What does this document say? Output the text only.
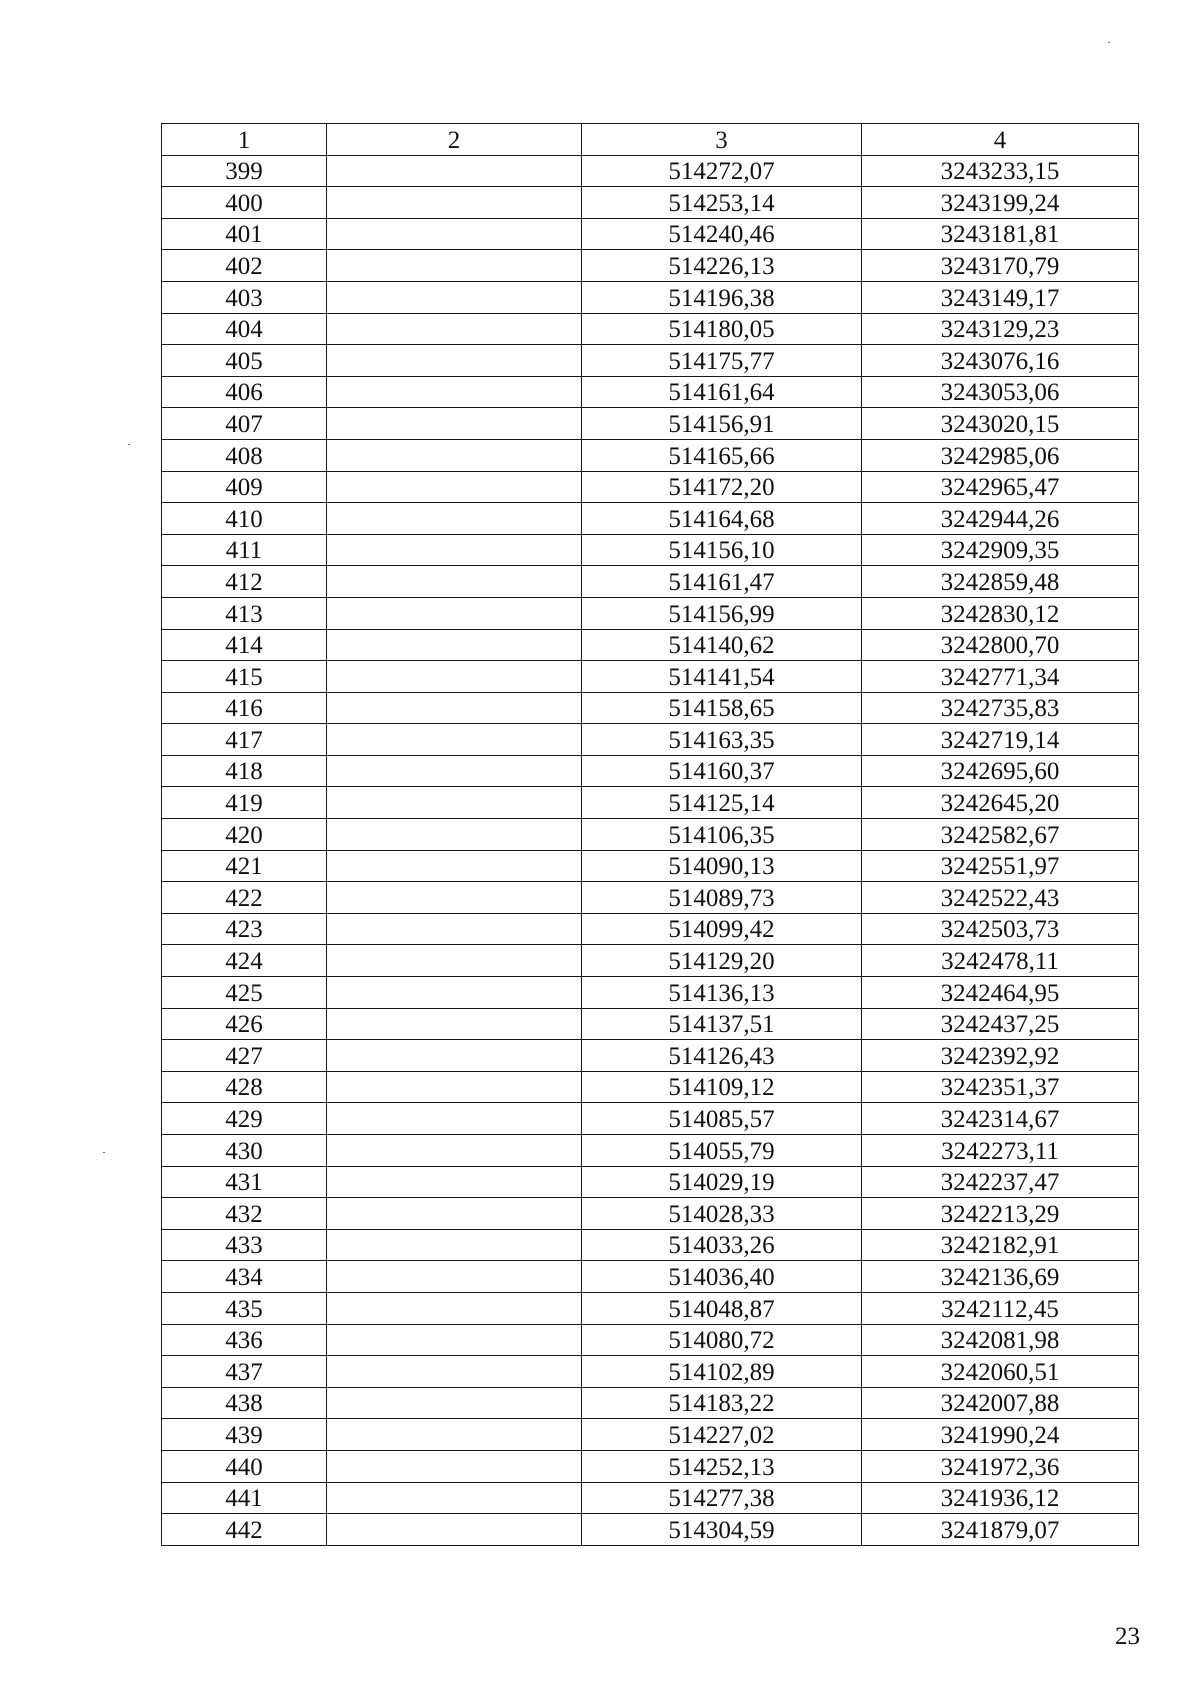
1	2	3	4
399		514272,07	3243233,15
400		514253,14	3243199,24
401		514240,46	3243181,81
402		514226,13	3243170,79
403		514196,38	3243149,17
404		514180,05	3243129,23
405		514175,77	3243076,16
406		514161,64	3243053,06
407		514156,91	3243020,15
408		514165,66	3242985,06
409		514172,20	3242965,47
410		514164,68	3242944,26
411		514156,10	3242909,35
412		514161,47	3242859,48
413		514156,99	3242830,12
414		514140,62	3242800,70
415		514141,54	3242771,34
416		514158,65	3242735,83
417		514163,35	3242719,14
418		514160,37	3242695,60
419		514125,14	3242645,20
420		514106,35	3242582,67
421		514090,13	3242551,97
422		514089,73	3242522,43
423		514099,42	3242503,73
424		514129,20	3242478,11
425		514136,13	3242464,95
426		514137,51	3242437,25
427		514126,43	3242392,92
428		514109,12	3242351,37
429		514085,57	3242314,67
430		514055,79	3242273,11
431		514029,19	3242237,47
432		514028,33	3242213,29
433		514033,26	3242182,91
434		514036,40	3242136,69
435		514048,87	3242112,45
436		514080,72	3242081,98
437		514102,89	3242060,51
438		514183,22	3242007,88
439		514227,02	3241990,24
440		514252,13	3241972,36
441		514277,38	3241936,12
442		514304,59	3241879,07
23
